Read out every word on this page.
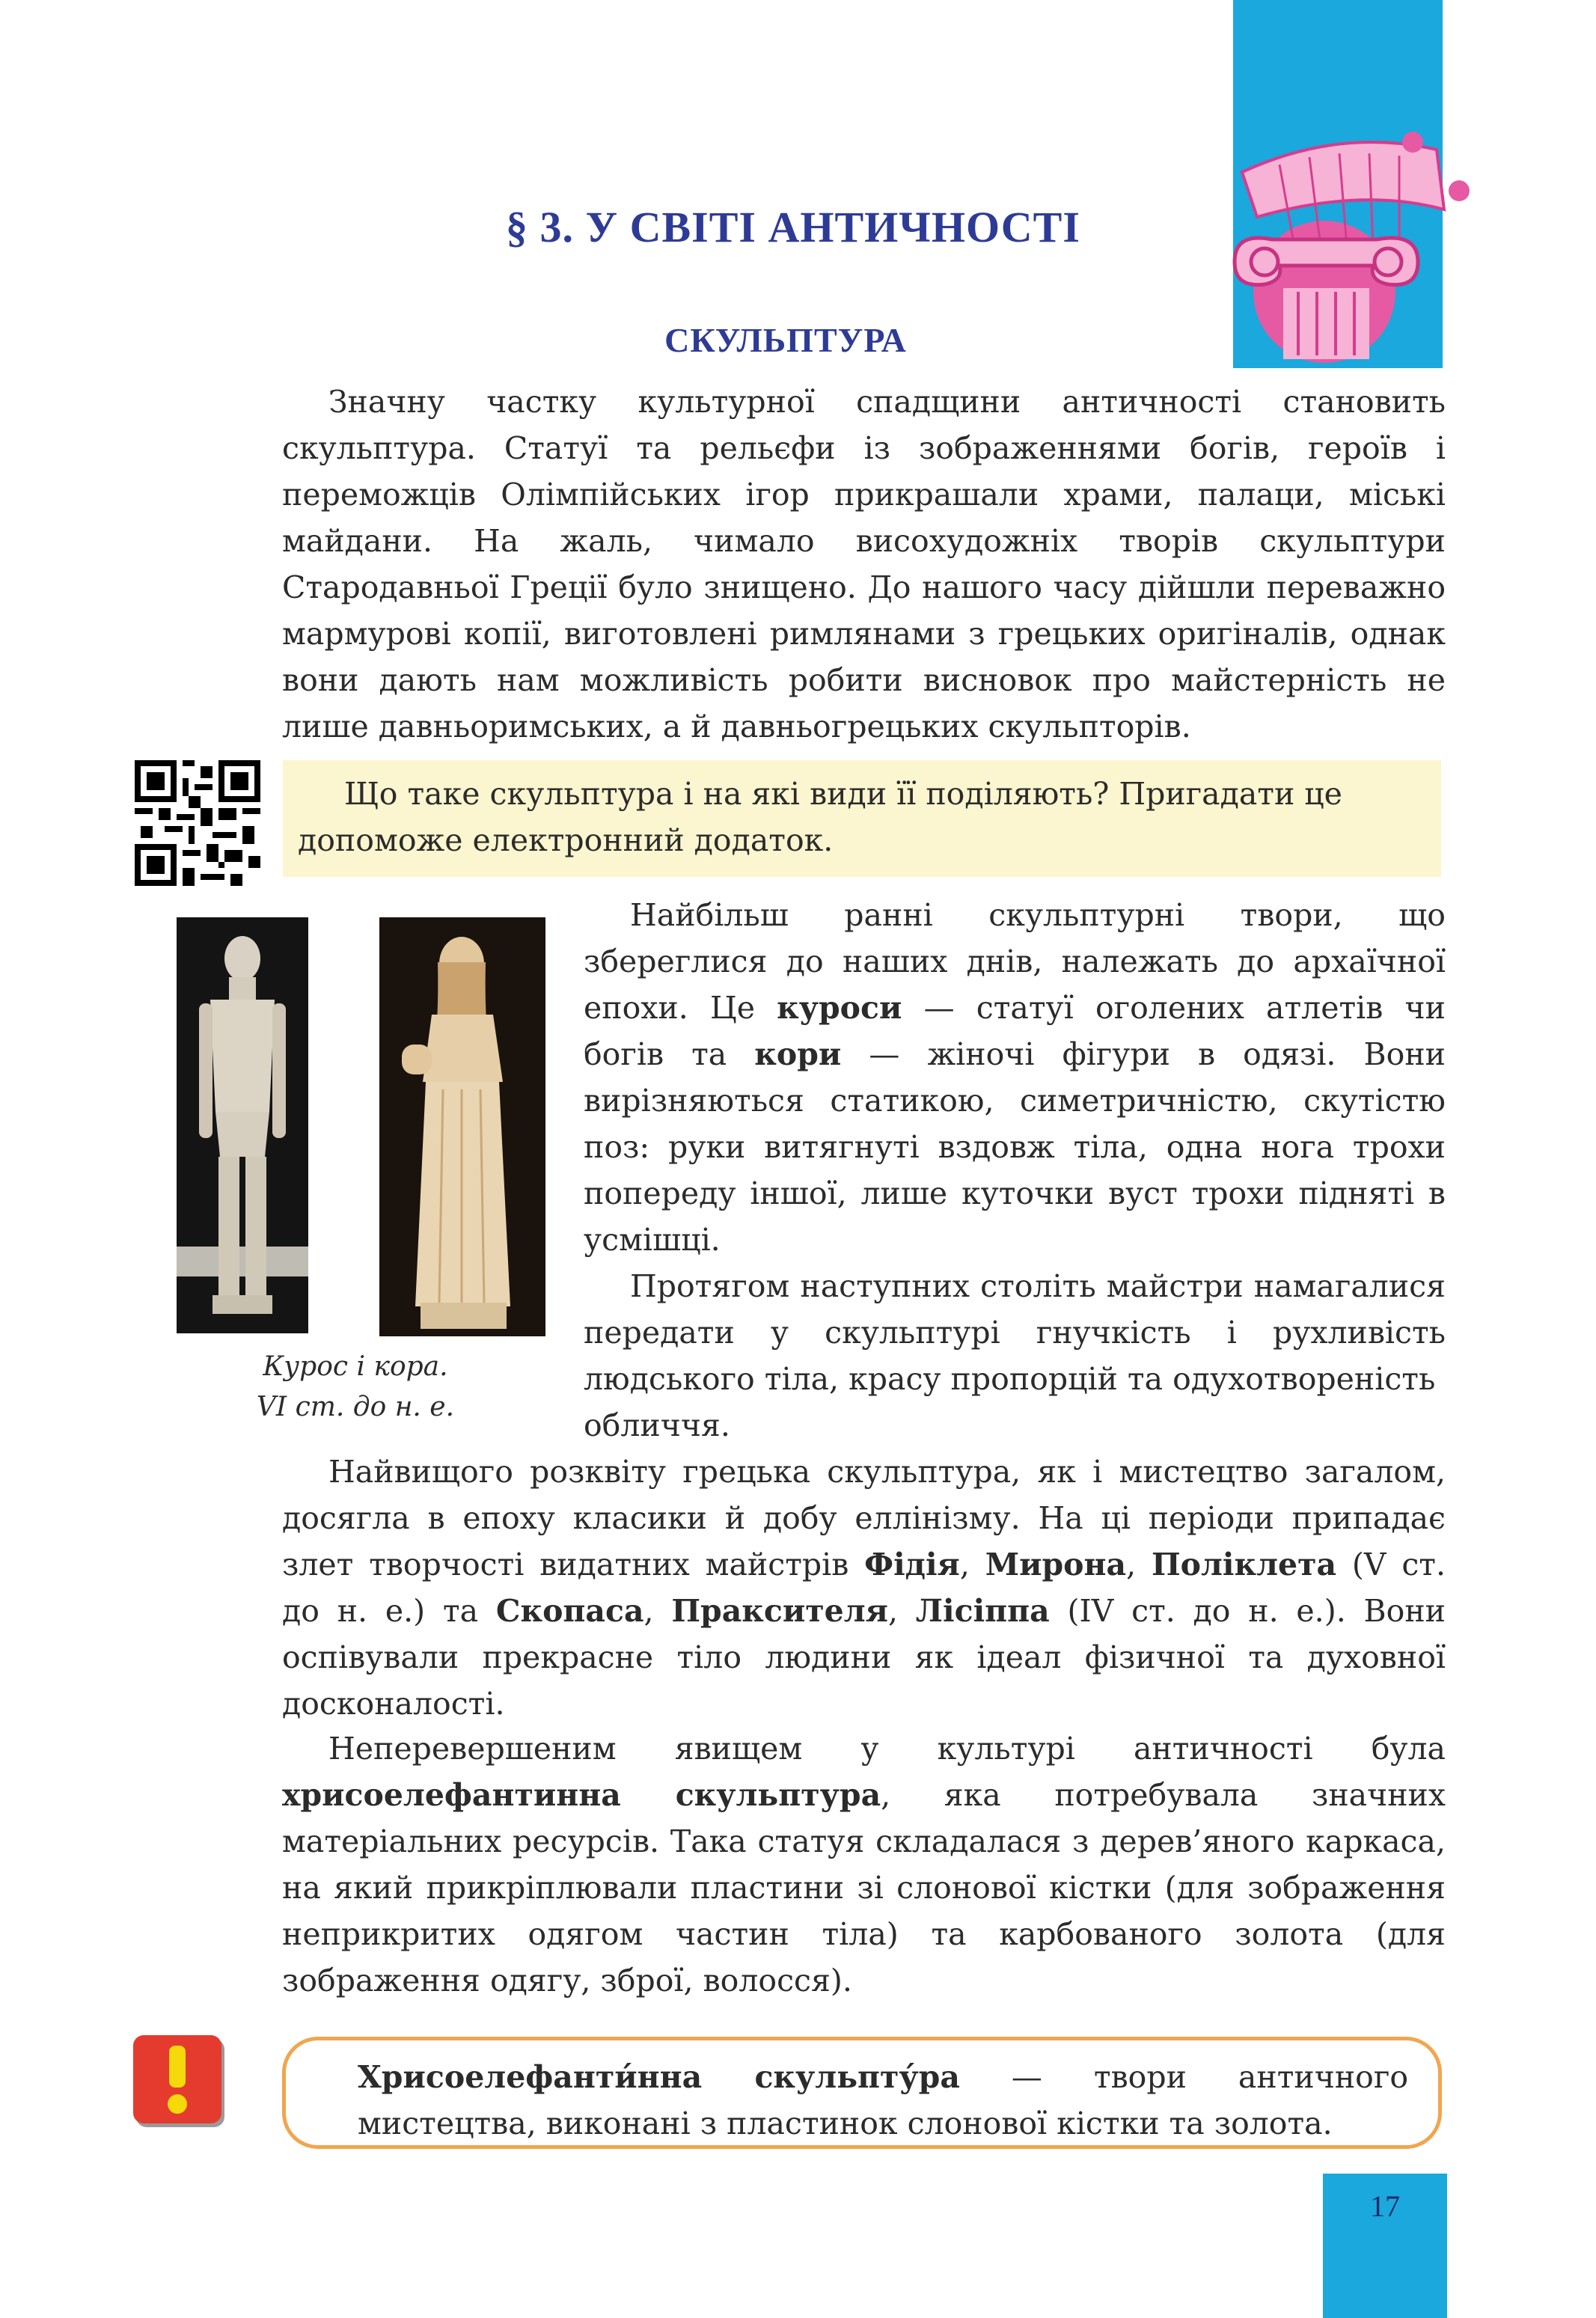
§ 3. У СВІТІ АНТИЧНОСТІ
СКУЛЬПТУРА

Значну частку культурної спадщини античності становить скульптура. Статуї та рельєфи із зображеннями богів, героїв і переможців Олімпійських ігор прикрашали храми, палаци, міські майдани. На жаль, чимало висохудожніх творів скульптури Стародавньої Греції було знищено. До нашого часу дійшли переважно мармурові копії, виготовлені римлянами з грецьких оригіналів, однак вони дають нам можливість робити висновок про майстерність не лише давньоримських, а й давньогрецьких скульпторів.

Що таке скульптура і на які види її поділяють? Пригадати це допоможе електронний додаток.
Курос і кора.
VI ст. до н. е.

Найбільш ранні скульптурні твори, що збереглися до наших днів, належать до архаїчної епохи. Це куроси — статуї оголених атлетів чи богів та кори — жіночі фігури в одязі. Вони вирізняються статикою, симетричністю, скутістю поз: руки витягнуті вздовж тіла, одна нога трохи попереду іншої, лише куточки вуст трохи підняті в усмішці.

Протягом наступних століть майстри намагалися передати у скульптурі гнучкість і рухливість людського тіла, красу пропорцій та одухотвореність

обличчя.

Найвищого розквіту грецька скульптура, як і мистецтво загалом, досягла в епоху класики й добу еллінізму. На ці періоди припадає злет творчості видатних майстрів Фідія, Мирона, Поліклета (V ст. до н. е.) та Скопаса, Праксителя, Лісіппа (IV ст. до н. е.). Вони оспівували прекрасне тіло людини як ідеал фізичної та духовної досконалості.

Неперевершеним явищем у культурі античності була хрисоелефантинна скульптура, яка потребувала значних матеріальних ресурсів. Така статуя складалася з дерев’яного каркаса, на який прикріплювали пластини зі слонової кістки (для зображення неприкритих одягом частин тіла) та карбованого золота (для зображення одягу, зброї, волосся).

Хрисоелефанти́нна скульпту́ра — твори античного мистецтва, виконані з пластинок слонової кістки та золота.
17
